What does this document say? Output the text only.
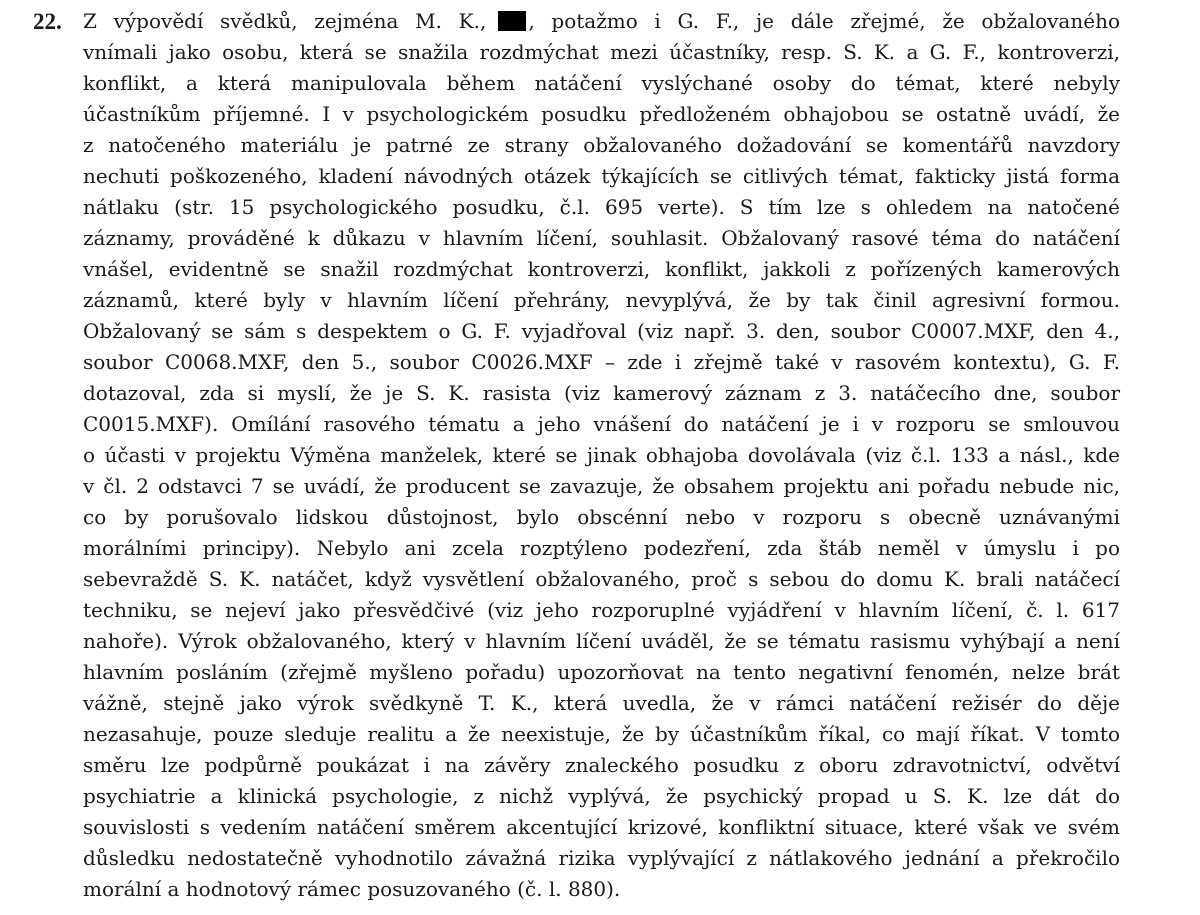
22. Z výpovědí svědků, zejména M. K., , potažmo i G. F., je dále zřejmé, že obžalovaného
vnímali jako osobu, která se snažila rozdmýchat mezi účastníky, resp. S. K. a G. F., kontroverzi,
konflikt, a která manipulovala během natáčení vyslýchané osoby do témat, které nebyly
účastníkům příjemné. I v psychologickém posudku předloženém obhajobou se ostatně uvádí, že
z natočeného materiálu je patrné ze strany obžalovaného dožadování se komentářů navzdory
nechuti poškozeného, kladení návodných otázek týkajících se citlivých témat, fakticky jistá forma
nátlaku (str. 15 psychologického posudku, č.l. 695 verte). S tím lze s ohledem na natočené
záznamy, prováděné k důkazu v hlavním líčení, souhlasit. Obžalovaný rasové téma do natáčení
vnášel, evidentně se snažil rozdmýchat kontroverzi, konflikt, jakkoli z pořízených kamerových
záznamů, které byly v hlavním líčení přehrány, nevyplývá, že by tak činil agresivní formou.
Obžalovaný se sám s despektem o G. F. vyjadřoval (viz např. 3. den, soubor C0007.MXF, den 4.,
soubor C0068.MXF, den 5., soubor C0026.MXF – zde i zřejmě také v rasovém kontextu), G. F.
dotazoval, zda si myslí, že je S. K. rasista (viz kamerový záznam z 3. natáčecího dne, soubor
C0015.MXF). Omílání rasového tématu a jeho vnášení do natáčení je i v rozporu se smlouvou
o účasti v projektu Výměna manželek, které se jinak obhajoba dovolávala (viz č.l. 133 a násl., kde
v čl. 2 odstavci 7 se uvádí, že producent se zavazuje, že obsahem projektu ani pořadu nebude nic,
co by porušovalo lidskou důstojnost, bylo obscénní nebo v rozporu s obecně uznávanými
morálními principy). Nebylo ani zcela rozptýleno podezření, zda štáb neměl v úmyslu i po
sebevraždě S. K. natáčet, když vysvětlení obžalovaného, proč s sebou do domu K. brali natáčecí
techniku, se nejeví jako přesvědčivé (viz jeho rozporuplné vyjádření v hlavním líčení, č. l. 617
nahoře). Výrok obžalovaného, který v hlavním líčení uváděl, že se tématu rasismu vyhýbají a není
hlavním posláním (zřejmě myšleno pořadu) upozorňovat na tento negativní fenomén, nelze brát
vážně, stejně jako výrok svědkyně T. K., která uvedla, že v rámci natáčení režisér do děje
nezasahuje, pouze sleduje realitu a že neexistuje, že by účastníkům říkal, co mají říkat. V tomto
směru lze podpůrně poukázat i na závěry znaleckého posudku z oboru zdravotnictví, odvětví
psychiatrie a klinická psychologie, z nichž vyplývá, že psychický propad u S. K. lze dát do
souvislosti s vedením natáčení směrem akcentující krizové, konfliktní situace, které však ve svém
důsledku nedostatečně vyhodnotilo závažná rizika vyplývající z nátlakového jednání a překročilo
morální a hodnotový rámec posuzovaného (č. l. 880).
